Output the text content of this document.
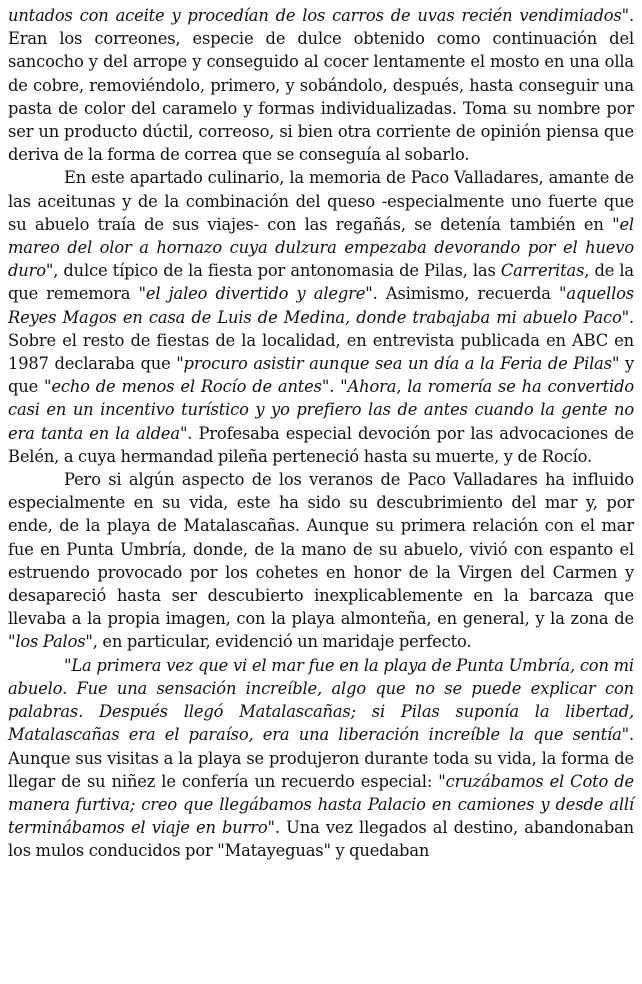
untados con aceite y procedían de los carros de uvas recién vendimiados". Eran los correones, especie de dulce obtenido como continuación del sancocho y del arrope y conseguido al cocer lentamente el mosto en una olla de cobre, removiéndolo, primero, y sobándolo, después, hasta conseguir una pasta de color del caramelo y formas individualizadas. Toma su nombre por ser un producto dúctil, correoso, si bien otra corriente de opinión piensa que deriva de la forma de correa que se conseguía al sobarlo.

En este apartado culinario, la memoria de Paco Valladares, amante de las aceitunas y de la combinación del queso -especialmente uno fuerte que su abuelo traía de sus viajes- con las regañás, se detenía también en "el mareo del olor a hornazo cuya dulzura empezaba devorando por el huevo duro", dulce típico de la fiesta por antonomasia de Pilas, las Carreritas, de la que rememora "el jaleo divertido y alegre". Asimismo, recuerda "aquellos Reyes Magos en casa de Luis de Medina, donde trabajaba mi abuelo Paco". Sobre el resto de fiestas de la localidad, en entrevista publicada en ABC en 1987 declaraba que "procuro asistir aunque sea un día a la Feria de Pilas" y que "echo de menos el Rocío de antes". "Ahora, la romería se ha convertido casi en un incentivo turístico y yo prefiero las de antes cuando la gente no era tanta en la aldea". Profesaba especial devoción por las advocaciones de Belén, a cuya hermandad pileña perteneció hasta su muerte, y de Rocío.

Pero si algún aspecto de los veranos de Paco Valladares ha influido especialmente en su vida, este ha sido su descubrimiento del mar y, por ende, de la playa de Matalascañas. Aunque su primera relación con el mar fue en Punta Umbría, donde, de la mano de su abuelo, vivió con espanto el estruendo provocado por los cohetes en honor de la Virgen del Carmen y desapareció hasta ser descubierto inexplicablemente en la barcaza que llevaba a la propia imagen, con la playa almonteña, en general, y la zona de "los Palos", en particular, evidenció un maridaje perfecto.

"La primera vez que vi el mar fue en la playa de Punta Umbría, con mi abuelo. Fue una sensación increíble, algo que no se puede explicar con palabras. Después llegó Matalascañas; si Pilas suponía la libertad, Matalascañas era el paraíso, era una liberación increíble la que sentía". Aunque sus visitas a la playa se produjeron durante toda su vida, la forma de llegar de su niñez le confería un recuerdo especial: "cruzábamos el Coto de manera furtiva; creo que llegábamos hasta Palacio en camiones y desde allí terminábamos el viaje en burro". Una vez llegados al destino, abandonaban los mulos conducidos por "Matayeguas" y quedaban
